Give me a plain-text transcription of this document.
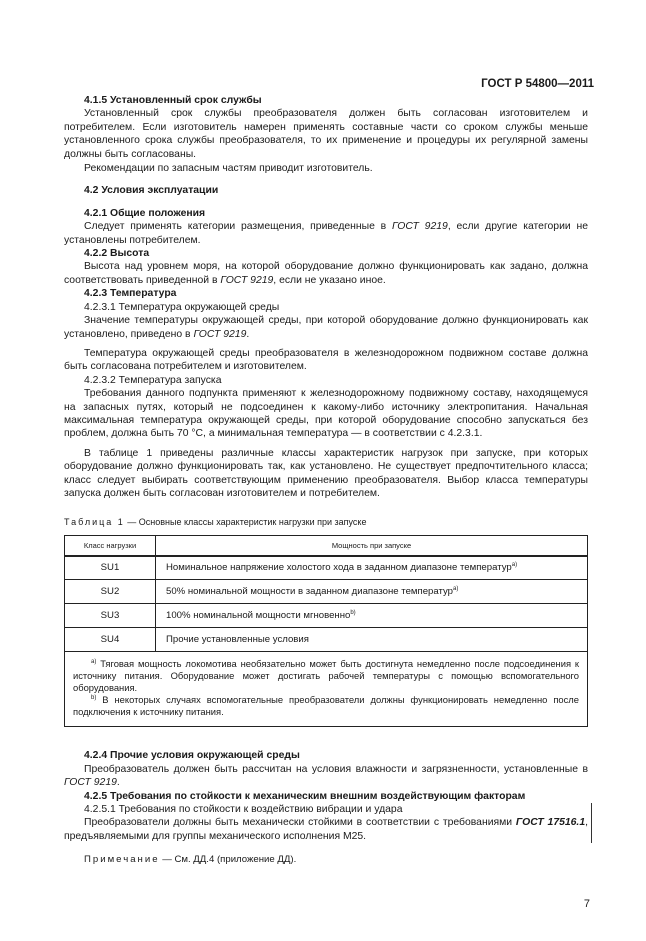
ГОСТ Р 54800—2011

4.1.5 Установленный срок службы

Установленный срок службы преобразователя должен быть согласован изготовителем и потребителем. Если изготовитель намерен применять составные части со сроком службы меньше установленного срока службы преобразователя, то их применение и процедуры их регулярной замены должны быть согласованы.

Рекомендации по запасным частям приводит изготовитель.

4.2 Условия эксплуатации

4.2.1 Общие положения

Следует применять категории размещения, приведенные в ГОСТ 9219, если другие категории не установлены потребителем.

4.2.2 Высота

Высота над уровнем моря, на которой оборудование должно функционировать как задано, должна соответствовать приведенной в ГОСТ 9219, если не указано иное.

4.2.3 Температура

4.2.3.1 Температура окружающей среды

Значение температуры окружающей среды, при которой оборудование должно функционировать как установлено, приведено в ГОСТ 9219.

Температура окружающей среды преобразователя в железнодорожном подвижном составе должна быть согласована потребителем и изготовителем.

4.2.3.2 Температура запуска

Требования данного подпункта применяют к железнодорожному подвижному составу, находящемуся на запасных путях, который не подсоединен к какому-либо источнику электропитания. Начальная максимальная температура окружающей среды, при которой оборудование способно запускаться без проблем, должна быть 70 °С, а минимальная температура — в соответствии с 4.2.3.1.

В таблице 1 приведены различные классы характеристик нагрузок при запуске, при которых оборудование должно функционировать так, как установлено. Не существует предпочтительного класса; класс следует выбирать соответствующим применению преобразователя. Выбор класса температуры запуска должен быть согласован изготовителем и потребителем.

Таблица 1 — Основные классы характеристик нагрузки при запуске
Класс нагрузки	Мощность при запуске
SU1	Номинальное напряжение холостого хода в заданном диапазоне температур$^{a)}$
SU2	50% номинальной мощности в заданном диапазоне температур$^{a)}$
SU3	100% номинальной мощности мгновенно$^{b)}$
SU4	Прочие установленные условия

$^{a)}$ Тяговая мощность локомотива необязательно может быть достигнута немедленно после подсоединения к источнику питания. Оборудование может достигать рабочей температуры с помощью вспомогательного оборудования.

$^{b)}$ В некоторых случаях вспомогательные преобразователи должны функционировать немедленно после подключения к источнику питания.	

4.2.4 Прочие условия окружающей среды

Преобразователь должен быть рассчитан на условия влажности и загрязненности, установленные в ГОСТ 9219.

4.2.5 Требования по стойкости к механическим внешним воздействующим факторам

4.2.5.1 Требования по стойкости к воздействию вибрации и удара

Преобразователи должны быть механически стойкими в соответствии с требованиями ГОСТ 17516.1, предъявляемыми для группы механического исполнения М25.

Примечание — См. ДД.4 (приложение ДД).

7
